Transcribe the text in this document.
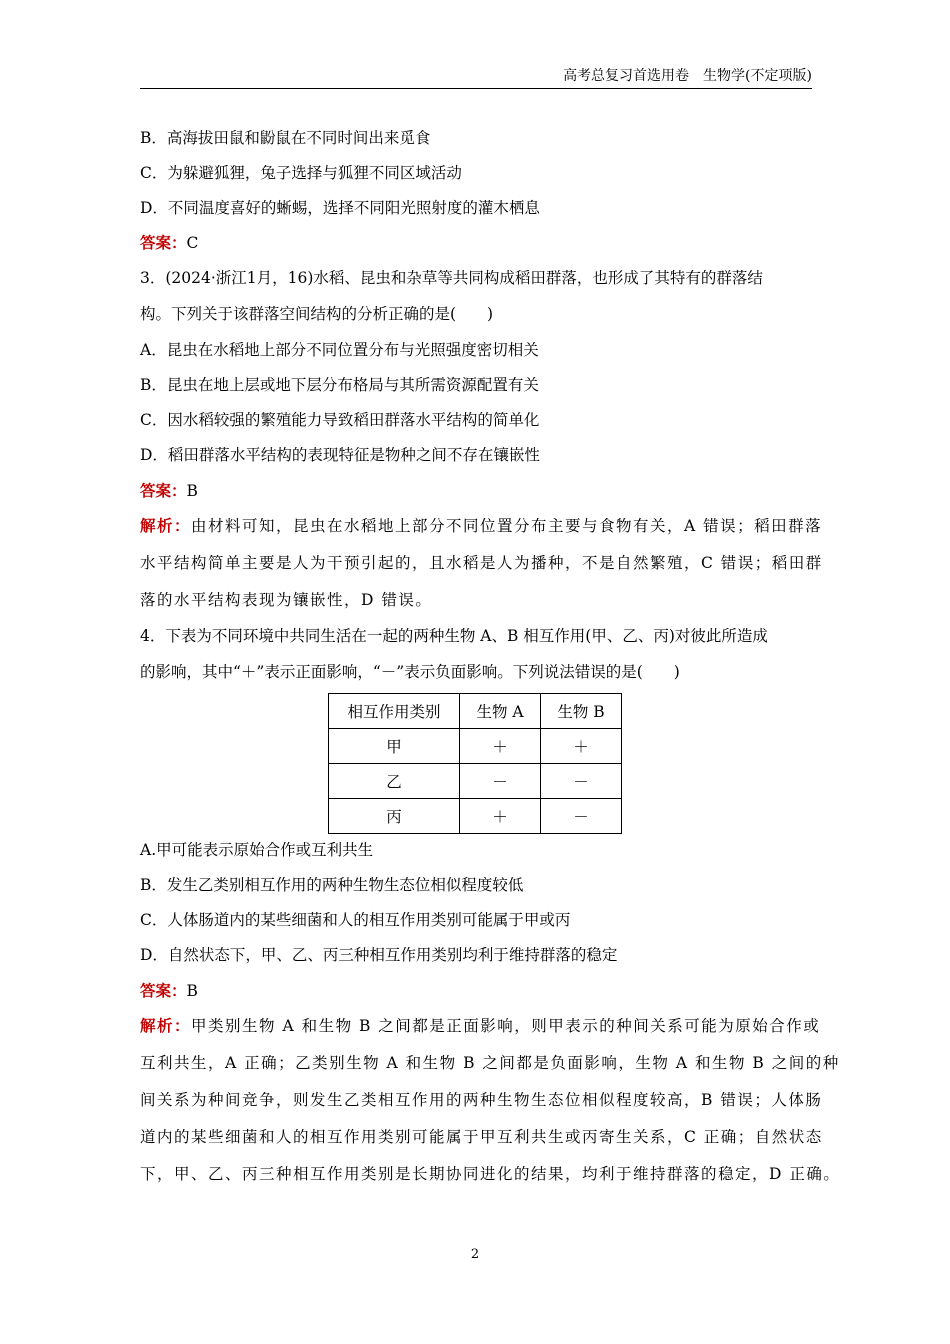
高考总复习首选用卷　生物学(不定项版)
B．高海拔田鼠和鼢鼠在不同时间出来觅食
C．为躲避狐狸，兔子选择与狐狸不同区域活动
D．不同温度喜好的蜥蜴，选择不同阳光照射度的灌木栖息
答案：C
3．(2024·浙江1月，16)水稻、昆虫和杂草等共同构成稻田群落，也形成了其特有的群落结
构。下列关于该群落空间结构的分析正确的是(　　)
A．昆虫在水稻地上部分不同位置分布与光照强度密切相关
B．昆虫在地上层或地下层分布格局与其所需资源配置有关
C．因水稻较强的繁殖能力导致稻田群落水平结构的简单化
D．稻田群落水平结构的表现特征是物种之间不存在镶嵌性
答案：B
解析：由材料可知，昆虫在水稻地上部分不同位置分布主要与食物有关，A 错误；稻田群落
水平结构简单主要是人为干预引起的，且水稻是人为播种，不是自然繁殖，C 错误；稻田群
落的水平结构表现为镶嵌性，D 错误。
4．下表为不同环境中共同生活在一起的两种生物 A、B 相互作用(甲、乙、丙)对彼此所造成
的影响，其中“＋”表示正面影响，“－”表示负面影响。下列说法错误的是(　　)
相互作用类别	生物 A	生物 B
甲	＋	＋
乙	－	－
丙	＋	－
A.甲可能表示原始合作或互利共生
B．发生乙类别相互作用的两种生物生态位相似程度较低
C．人体肠道内的某些细菌和人的相互作用类别可能属于甲或丙
D．自然状态下，甲、乙、丙三种相互作用类别均利于维持群落的稳定
答案：B
解析：甲类别生物 A 和生物 B 之间都是正面影响，则甲表示的种间关系可能为原始合作或
互利共生，A 正确；乙类别生物 A 和生物 B 之间都是负面影响，生物 A 和生物 B 之间的种
间关系为种间竞争，则发生乙类相互作用的两种生物生态位相似程度较高，B 错误；人体肠
道内的某些细菌和人的相互作用类别可能属于甲互利共生或丙寄生关系，C 正确；自然状态
下，甲、乙、丙三种相互作用类别是长期协同进化的结果，均利于维持群落的稳定，D 正确。
2
